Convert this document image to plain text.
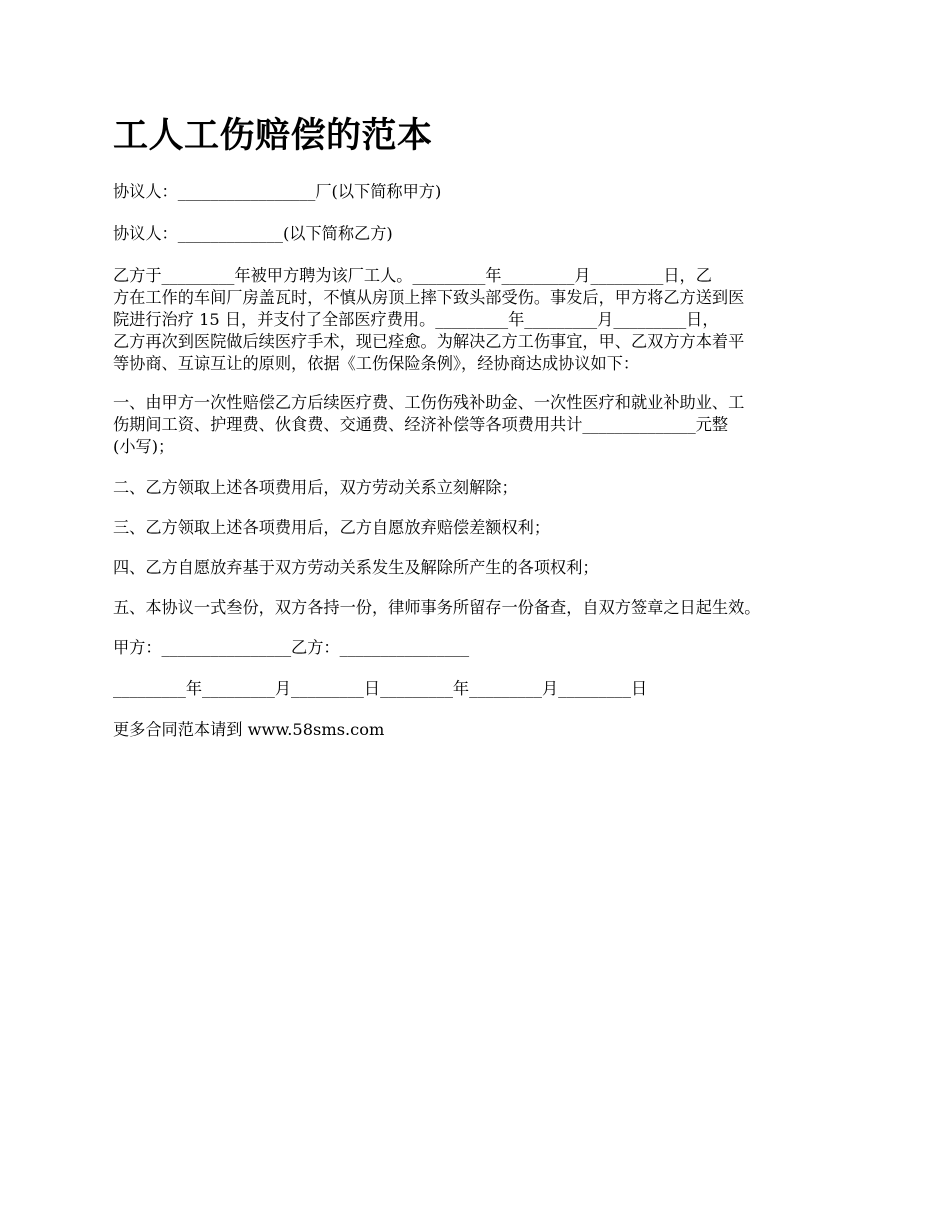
工人工伤赔偿的范本

协议人：_________________厂(以下简称甲方)

协议人：_____________(以下简称乙方)

乙方于_________年被甲方聘为该厂工人。_________年_________月_________日，乙

方在工作的车间厂房盖瓦时，不慎从房顶上摔下致头部受伤。事发后，甲方将乙方送到医

院进行治疗 15 日，并支付了全部医疗费用。_________年_________月_________日，

乙方再次到医院做后续医疗手术，现已痊愈。为解决乙方工伤事宜，甲、乙双方方本着平

等协商、互谅互让的原则，依据《工伤保险条例》，经协商达成协议如下：

一、由甲方一次性赔偿乙方后续医疗费、工伤伤残补助金、一次性医疗和就业补助业、工

伤期间工资、护理费、伙食费、交通费、经济补偿等各项费用共计______________元整

(小写)；

二、乙方领取上述各项费用后，双方劳动关系立刻解除；

三、乙方领取上述各项费用后，乙方自愿放弃赔偿差额权利；

四、乙方自愿放弃基于双方劳动关系发生及解除所产生的各项权利；

五、本协议一式叁份，双方各持一份，律师事务所留存一份备查，自双方签章之日起生效。

甲方：________________乙方：________________

_________年_________月_________日_________年_________月_________日

更多合同范本请到 www.58sms.com
